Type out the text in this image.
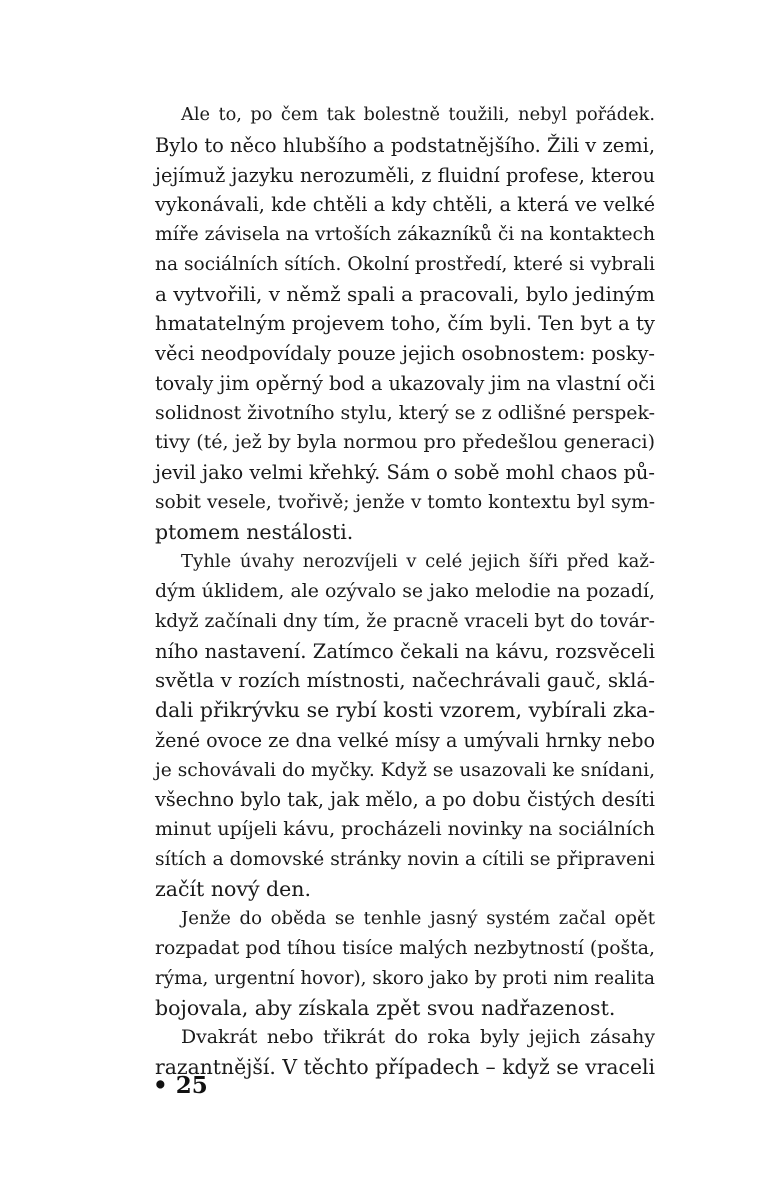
Ale to, po čem tak bolestně toužili, nebyl pořádek.
Bylo to něco hlubšího a podstatnějšího. Žili v zemi,
jejímuž jazyku nerozuměli, z fluidní profese, kterou
vykonávali, kde chtěli a kdy chtěli, a která ve velké
míře závisela na vrtoších zákazníků či na kontaktech
na sociálních sítích. Okolní prostředí, které si vybrali
a vytvořili, v němž spali a pracovali, bylo jediným
hmatatelným projevem toho, čím byli. Ten byt a ty
věci neodpovídaly pouze jejich osobnostem: posky-
tovaly jim opěrný bod a ukazovaly jim na vlastní oči
solidnost životního stylu, který se z odlišné perspek-
tivy (té, jež by byla normou pro předešlou generaci)
jevil jako velmi křehký. Sám o sobě mohl chaos pů-
sobit vesele, tvořivě; jenže v tomto kontextu byl sym-
ptomem nestálosti.

Tyhle úvahy nerozvíjeli v celé jejich šíři před kaž-
dým úklidem, ale ozývalo se jako melodie na pozadí,
když začínali dny tím, že pracně vraceli byt do továr-
ního nastavení. Zatímco čekali na kávu, rozsvěceli
světla v rozích místnosti, načechrávali gauč, sklá-
dali přikrývku se rybí kosti vzorem, vybírali zka-
žené ovoce ze dna velké mísy a umývali hrnky nebo
je schovávali do myčky. Když se usazovali ke snídani,
všechno bylo tak, jak mělo, a po dobu čistých desíti
minut upíjeli kávu, procházeli novinky na sociálních
sítích a domovské stránky novin a cítili se připraveni
začít nový den.

Jenže do oběda se tenhle jasný systém začal opět
rozpadat pod tíhou tisíce malých nezbytností (pošta,
rýma, urgentní hovor), skoro jako by proti nim realita
bojovala, aby získala zpět svou nadřazenost.

Dvakrát nebo třikrát do roka byly jejich zásahy
razantnější. V těchto případech – když se vraceli

• 25
